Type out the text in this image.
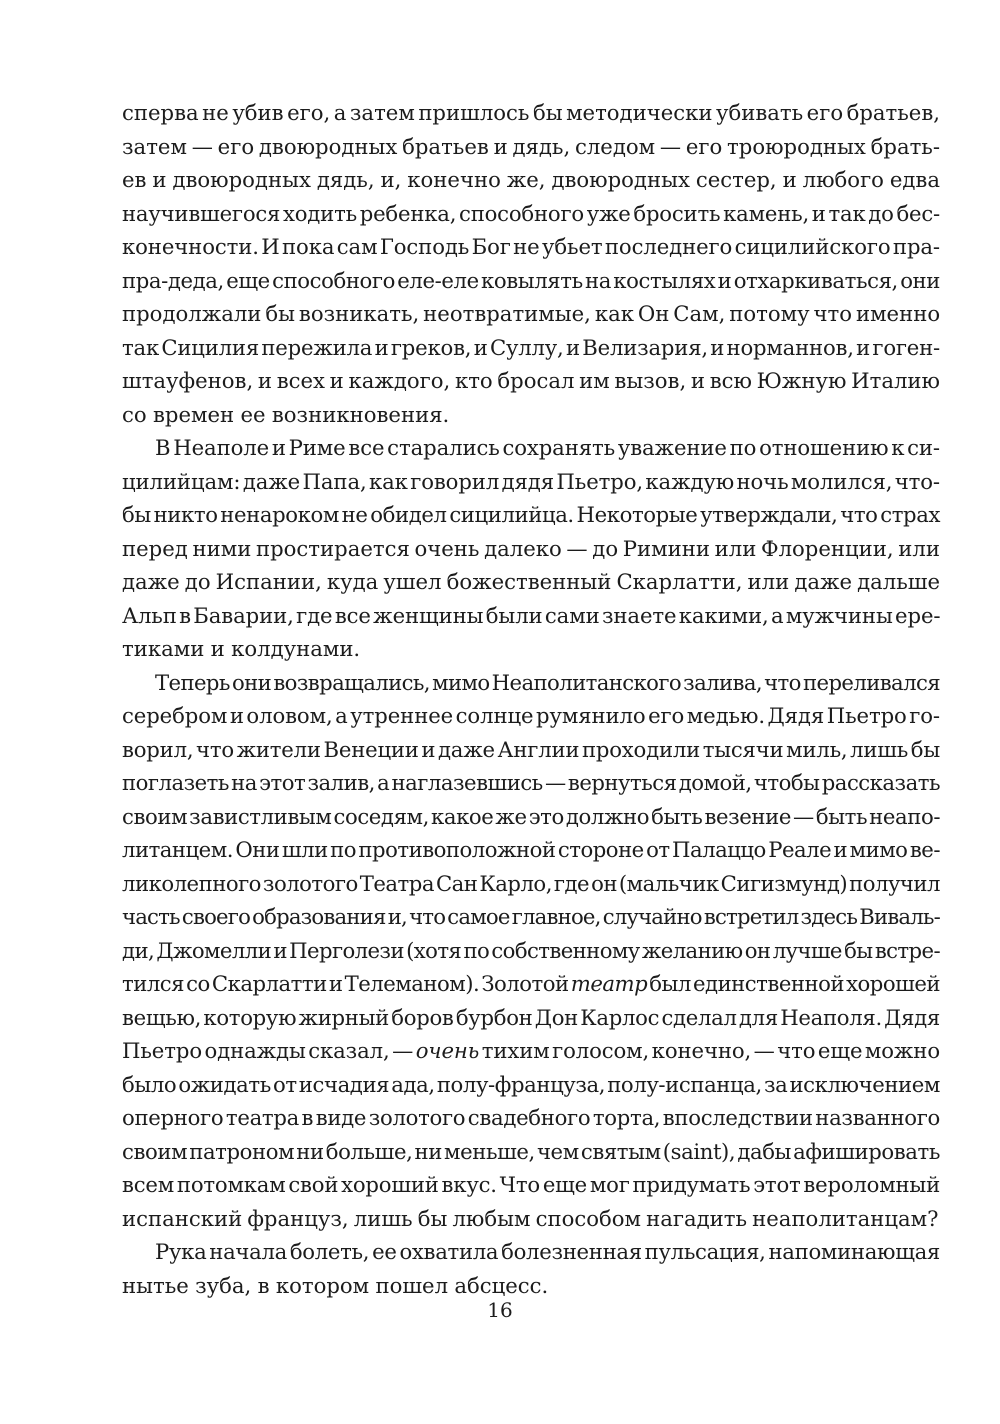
сперва не убив его, а затем пришлось бы методически убивать его братьев,
затем — его двоюродных братьев и дядь, следом — его троюродных брать-
ев и двоюродных дядь, и, конечно же, двоюродных сестер, и любого едва
научившегося ходить ребенка, способного уже бросить камень, и так до бес-
конечности. И пока сам Господь Бог не убьет последнего сицилийского пра-
пра-деда, еще способного еле-еле ковылять на костылях и отхаркиваться, они
продолжали бы возникать, неотвратимые, как Он Сам, потому что именно
так Сицилия пережила и греков, и Суллу, и Велизария, и норманнов, и гоген-
штауфенов, и всех и каждого, кто бросал им вызов, и всю Южную Италию
со времен ее возникновения.

В Неаполе и Риме все старались сохранять уважение по отношению к си-
цилийцам: даже Папа, как говорил дядя Пьетро, каждую ночь молился, что-
бы никто ненароком не обидел сицилийца. Некоторые утверждали, что страх
перед ними простирается очень далеко — до Римини или Флоренции, или
даже до Испании, куда ушел божественный Скарлатти, или даже дальше
Альп в Баварии, где все женщины были сами знаете какими, а мужчины ере-
тиками и колдунами.

Теперь они возвращались, мимо Неаполитанского залива, что переливался
серебром и оловом, а утреннее солнце румянило его медью. Дядя Пьетро го-
ворил, что жители Венеции и даже Англии проходили тысячи миль, лишь бы
поглазеть на этот залив, а наглазевшись — вернуться домой, чтобы рассказать
своим завистливым соседям, какое же это должно быть везение — быть неапо-
литанцем. Они шли по противоположной стороне от Палаццо Реале и мимо ве-
ликолепного золотого Театра Сан Карло, где он (мальчик Сигизмунд) получил
часть своего образования и, что самое главное, случайно встретил здесь Виваль-
ди, Джомелли и Перголези (хотя по собственному желанию он лучше бы встре-
тился со Скарлатти и Телеманом). Золотой театр был единственной хорошей
вещью, которую жирный боров бурбон Дон Карлос сделал для Неаполя. Дядя
Пьетро однажды сказал, — очень тихим голосом, конечно, — что еще можно
было ожидать от исчадия ада, полу-француза, полу-испанца, за исключением
оперного театра в виде золотого свадебного торта, впоследствии названного
своим патроном ни больше, ни меньше, чем святым (saint), дабы афишировать
всем потомкам свой хороший вкус. Что еще мог придумать этот вероломный
испанский француз, лишь бы любым способом нагадить неаполитанцам?

Рука начала болеть, ее охватила болезненная пульсация, напоминающая
нытье зуба, в котором пошел абсцесс.

16
